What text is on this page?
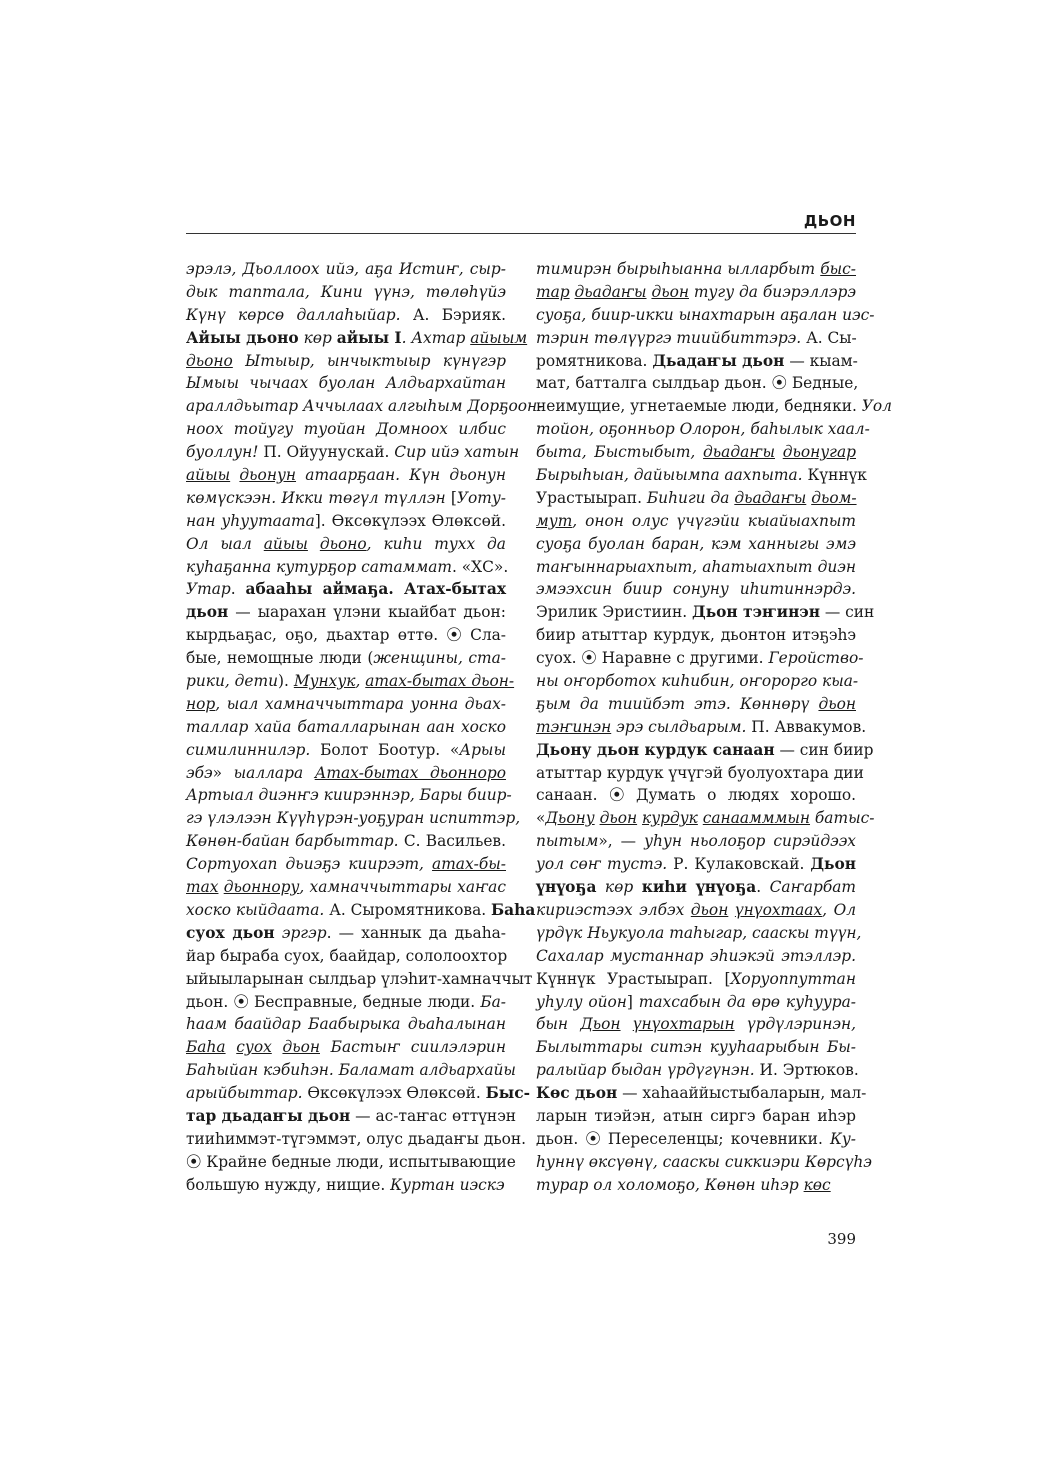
ДЬОН
эрэлэ, Дьоллоох ийэ, аҕа Истиҥ, сыр-
дык таптала, Кини үүнэ, төлөһүйэ
Күнү көрсө даллаһыйар. А. Бэрияк.
Айыы дьоно көр айыы I. Ахтар айыым
дьоно Ытыыр, ынчыктыыр күнүгэр
Ымыы чычаах буолан Алдьархайтан
араллдьытар Аччылаах алгыһым Дорҕоон-
ноох тойугу туойан Домноох илбис
буоллун! П. Ойуунускай. Сир ийэ хатын
айыы дьонун атаарҕаан. Күн дьонун
көмүскээн. Икки төгүл түллэн [Уоту-
нан уһуутаата]. Өксөкүлээх Өлөксөй.
Ол ыал айыы дьоно, киһи тухх да
куһаҕанна кутурҕор сатаммат. «ХС».
Утар. абааһы аймаҕа. Атах-бытах
дьон — ыарахан үлэни кыайбат дьон:
кырдьаҕас, оҕо, дьахтар өттө. ⦿ Сла-
бые, немощные люди (женщины, ста-
рики, дети). Мунхук, атах-бытах дьон-
нор, ыал хамначчыттара уонна дьах-
таллар хайа баталларынан аан хоско
симилиннилэр. Болот Боотур. «Арыы
эбэ» ыаллара Атах-бытах дьонноро
Артыал диэнҥэ киирэннэр, Бары биир-
гэ үлэлээн Күүһүрэн-уоҕуран испиттэр,
Көнөн-байан барбыттар. С. Васильев.
Сортуохап дьиэҕэ киирээт, атах-бы-
тах дьоннору, хамначчыттары хаҥас
хоско кыйдаата. А. Сыромятникова. Баһа
суох дьон эргэр. — ханнык да дьаһа-
йар быраба суох, баайдар, сололоохтор
ыйыыларынан сылдьар үлэһит-хамначчыт
дьон. ⦿ Бесправные, бедные люди. Ба-
һаам баайдар Баабырыка дьаһалынан
Баһа суох дьон Бастыҥ сиилэлэрин
Баһыйан кэбиһэн. Баламат алдьархайы
арыйбыттар. Өксөкүлээх Өлөксөй. Быс-
тар дьадаҥы дьон — ас-таҥас өттүнэн
тииһиммэт-түгэммэт, олус дьадаҥы дьон.
⦿ Крайне бедные люди, испытывающие
большую нужду, нищие. Куртан иэскэ
тимирэн бырыһыанна ылларбыт быс-
тар дьадаҥы дьон тугу да биэрэллэрэ
суоҕа, биир-икки ынахтарын аҕалан иэс-
тэрин төлүүргэ тиийбиттэрэ. А. Сы-
ромятникова. Дьадаҥы дьон — кыам-
мат, батталга сылдьар дьон. ⦿ Бедные,
неимущие, угнетаемые люди, бедняки. Уол
тойон, оҕонньор Олорон, баһылык хаал-
быта, Быстыбыт, дьадаҥы дьонугар
Бырыһыан, дайыымпа аахпыта. Күннүк
Урастыырап. Биһиги да дьадаҥы дьом-
мут, онон олус үчүгэйи кыайыахпыт
суоҕа буолан баран, кэм ханныгы эмэ
таҥыннарыахпыт, аһатыахпыт диэн
эмээхсин биир сонуну иһитиннэрдэ.
Эрилик Эристиин. Дьон тэҥинэн — син
биир атыттар курдук, дьонтон итэҕэһэ
суох. ⦿ Наравне с другими. Геройство-
ны оҥорботох киһибин, оҥорорго кыа-
ҕым да тиийбэт этэ. Көннөрү дьон
тэҥинэн эрэ сылдьарым. П. Аввакумов.
Дьону дьон курдук санаан — син биир
атыттар курдук үчүгэй буолуохтара дии
санаан. ⦿ Думать о людях хорошо.
«Дьону дьон курдук санаамммын батыс-
пытым», — уһун ньолоҕор сирэйдээх
уол сөҥ тустэ. Р. Кулаковскай. Дьон
үнүоҕа көр киһи үнүоҕа. Саҥарбат
кириэстээх элбэх дьон үнүохтаах, Ол
үрдүк Ньукуола таһыгар, сааскы түүн,
Сахалар мустаннар эһиэкэй этэллэр.
Күннүк Урастыырап. [Хоруоппуттан
уһулу ойон] тахсабын да өрө куһуура-
бын Дьон үнүохтарын үрдүлэринэн,
Былыттары ситэн кууһаарыбын Бы-
ралыйар быдан үрдүгүнэн. И. Эртюков.
Көс дьон — хаһааййыстыбаларын, мал-
ларын тиэйэн, атын сиргэ баран иһэр
дьон. ⦿ Переселенцы; кочевники. Ку-
һуннү өксүөнү, сааскы сиккиэри Көрсүһэ
турар ол холомоҕо, Көнөн иһэр көс
399
